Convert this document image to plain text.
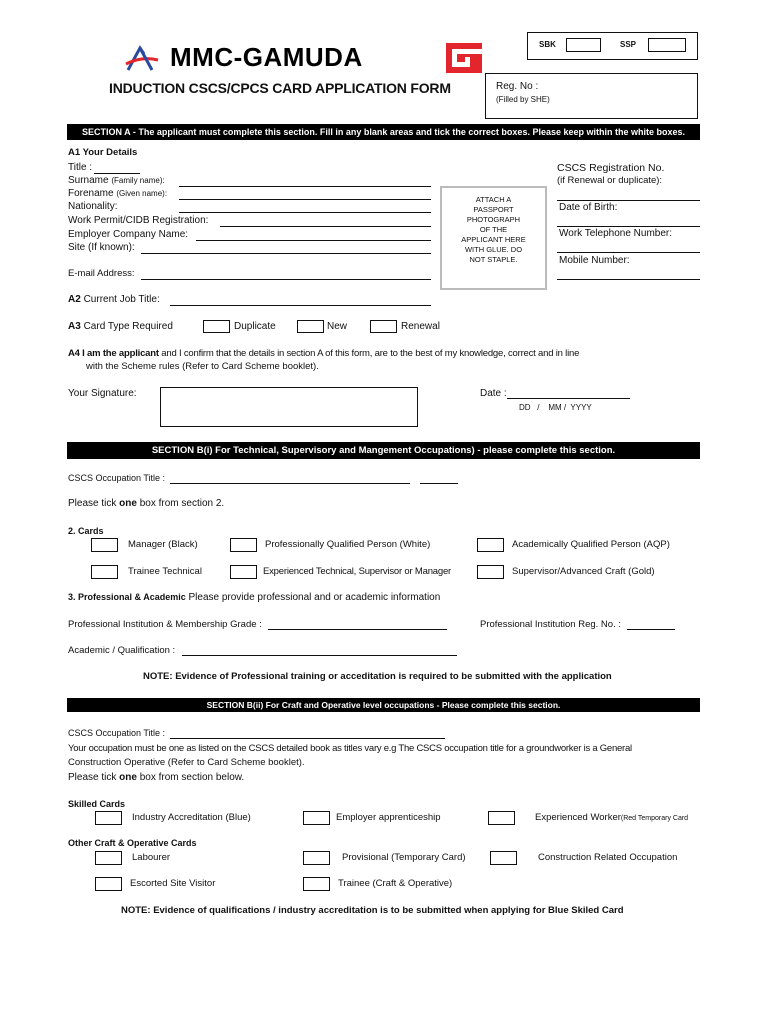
MMC-GAMUDA
INDUCTION CSCS/CPCS CARD APPLICATION FORM
SBK	SSP
Reg. No :
(Filled by SHE)
SECTION A - The applicant must complete this section. Fill in any blank areas and tick the correct boxes. Please keep within the white boxes.
A1 Your Details
Title :
Surname (Family name):
Forename (Given name):
Nationality:
Work Permit/CIDB Registration:
Employer Company Name:
Site (If known):
E-mail Address:
ATTACH A
PASSPORT
PHOTOGRAPH
OF THE
APPLICANT HERE
WITH GLUE. DO
NOT STAPLE.
CSCS Registration No.
(if Renewal or duplicate):
Date of Birth:
Work Telephone Number:
Mobile Number:
A2 Current Job Title:
A3 Card Type Required	Duplicate	New	Renewal
A4 I am the applicant and I confirm that the details in section A of this form, are to the best of my knowledge, correct and in line
with the Scheme rules (Refer to Card Scheme booklet).
Your Signature:	Date :
DD   /    MM /  YYYY
SECTION B(i) For Technical, Supervisory and Mangement Occupations) - please complete this section.
CSCS Occupation Title :
Please tick one box from section 2.
2. Cards
Manager (Black)	Professionally Qualified Person (White)	Academically Qualified Person (AQP)
Trainee Technical	Experienced Technical, Supervisor or Manager	Supervisor/Advanced Craft (Gold)
3. Professional & Academic Please provide professional and or academic information
Professional Institution & Membership Grade :	Professional Institution Reg. No. :
Academic / Qualification :
NOTE: Evidence of Professional training or acceditation is required to be submitted with the application
SECTION B(ii) For Craft and Operative level occupations - Please complete this section.
CSCS Occupation Title :
Your occupation must be one as listed on the CSCS detailed book as titles vary e.g The CSCS occupation title for a groundworker is a General
Construction Operative (Refer to Card Scheme booklet).
Please tick one box from section below.
Skilled Cards
Industry Accreditation (Blue)	Employer apprenticeship	Experienced Worker(Red Temporary Card
Other Craft & Operative Cards
Labourer	Provisional (Temporary Card)	Construction Related Occupation
Escorted Site Visitor	Trainee (Craft & Operative)
NOTE: Evidence of qualifications / industry accreditation is to be submitted when applying for Blue Skiled Card
